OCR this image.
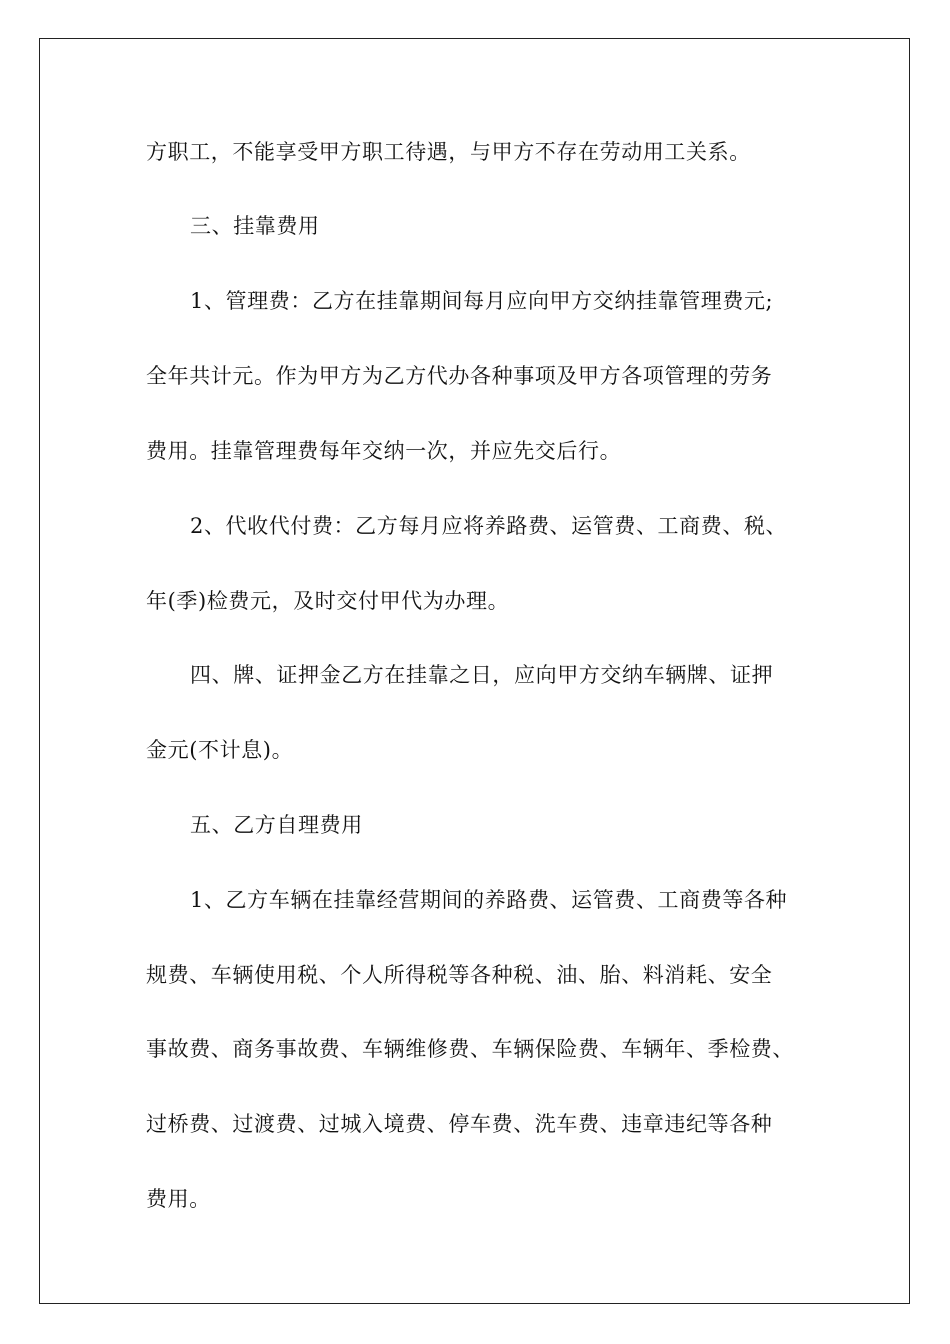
方职工，不能享受甲方职工待遇，与甲方不存在劳动用工关系。
三、挂靠费用
1、管理费：乙方在挂靠期间每月应向甲方交纳挂靠管理费元;
全年共计元。作为甲方为乙方代办各种事项及甲方各项管理的劳务
费用。挂靠管理费每年交纳一次，并应先交后行。
2、代收代付费：乙方每月应将养路费、运管费、工商费、税、
年(季)检费元，及时交付甲代为办理。
四、牌、证押金乙方在挂靠之日，应向甲方交纳车辆牌、证押
金元(不计息)。
五、乙方自理费用
1、乙方车辆在挂靠经营期间的养路费、运管费、工商费等各种
规费、车辆使用税、个人所得税等各种税、油、胎、料消耗、安全
事故费、商务事故费、车辆维修费、车辆保险费、车辆年、季检费、
过桥费、过渡费、过城入境费、停车费、洗车费、违章违纪等各种
费用。
